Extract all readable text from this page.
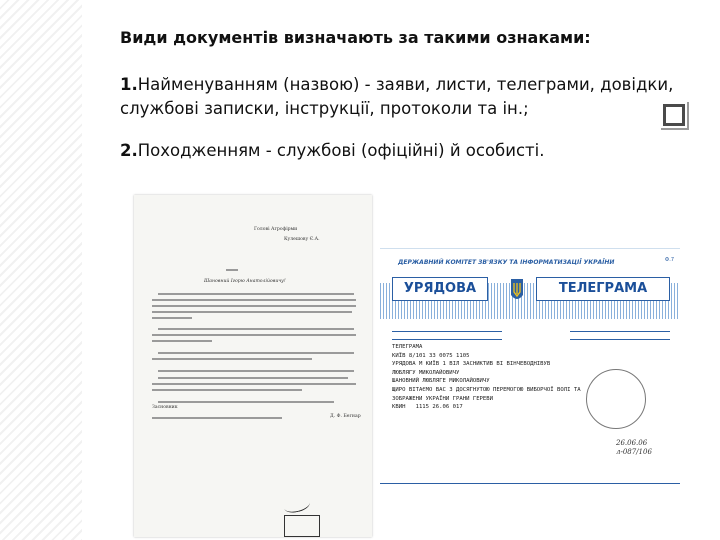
Види документів визначають за такими ознаками:

1.Найменуванням (назвою) - заяви, листи, телеграми, довідки, службові записки, інструкції, протоколи та ін.;

2.Походженням - службові (офіційні) й особисті.

Голові Агрофірми
Кулешову Є.А.
Шановний Ігорю Анатолійовичу!
Засновник
Д. Ф. Бегнар
ДЕРЖАВНИЙ КОМІТЕТ ЗВ'ЯЗКУ ТА ІНФОРМАТИЗАЦІЇ УКРАЇНИ	Ф.7
УРЯДОВА	ТЕЛЕГРАМА
ТЕЛЕГРАМА
КИЇВ 8/101 33 0075 1105
УРЯДОВА М КИЇВ 1 ВІЛ ЗАСНИКТИВ ВІ ВІНЧЕВОДНІВУВ
ЛЮБЛЯГУ МИКОЛАЙОВИЧУ
ШАНОВНИЙ ЛЮБЛЯГЕ МИКОЛАЙОВИЧУ
ЩИРО ВІТАЄМО ВАС З ДОСЯГНУТОЮ ПЕРЕМОГОЮ ВИБОРЧОЇ ВОЛІ ТА
ЗОБРАЖЕНИ УКРАЇНИ ГРАНИ ГЕРЕВИ
КВИН   1115 26.06 017
26.06.06
л-087/106
